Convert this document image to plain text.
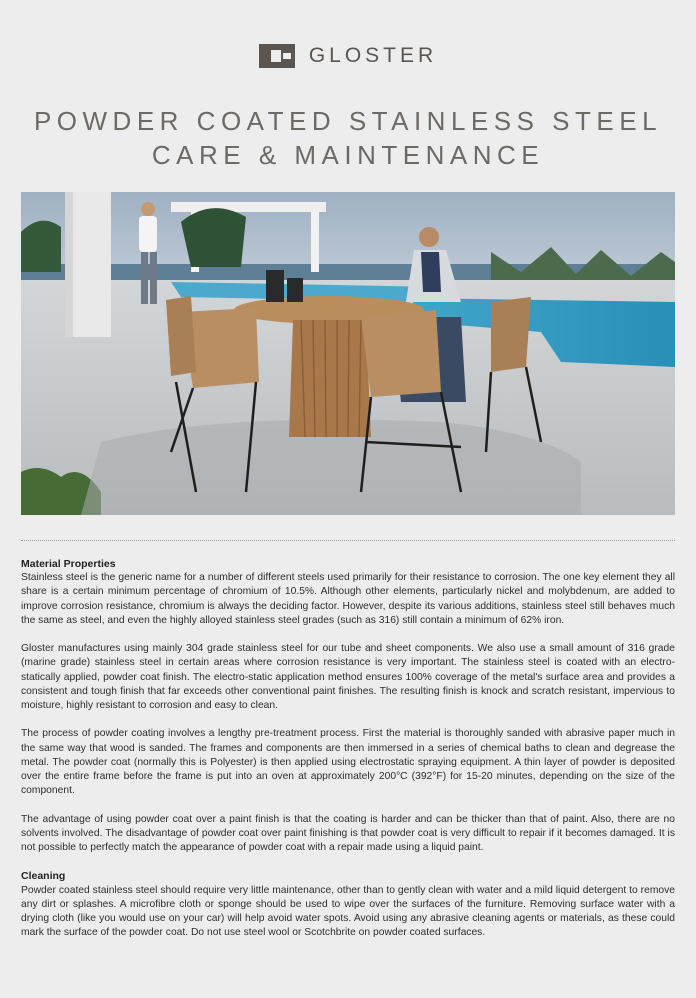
GLOSTER
POWDER COATED STAINLESS STEEL
CARE & MAINTENANCE
Material Properties

Stainless steel is the generic name for a number of different steels used primarily for their resistance to corrosion. The one key element they all share is a certain minimum percentage of chromium of 10.5%. Although other elements, particularly nickel and molybdenum, are added to improve corrosion resistance, chromium is always the deciding factor. However, despite its various additions, stainless steel still behaves much the same as steel, and even the highly alloyed stainless steel grades (such as 316) still contain a minimum of 62% iron.

Gloster manufactures using mainly 304 grade stainless steel for our tube and sheet components. We also use a small amount of 316 grade (marine grade) stainless steel in certain areas where corrosion resistance is very important. The stainless steel is coated with an electro-statically applied, powder coat finish. The electro-static application method ensures 100% coverage of the metal's surface area and provides a consistent and tough finish that far exceeds other conventional paint finishes. The resulting finish is knock and scratch resistant, impervious to moisture, highly resistant to corrosion and easy to clean.

The process of powder coating involves a lengthy pre-treatment process. First the material is thoroughly sanded with abrasive paper much in the same way that wood is sanded. The frames and components are then immersed in a series of chemical baths to clean and degrease the metal. The powder coat (normally this is Polyester) is then applied using electrostatic spraying equipment. A thin layer of powder is deposited over the entire frame before the frame is put into an oven at approximately 200°C (392°F) for 15-20 minutes, depending on the size of the component.

The advantage of using powder coat over a paint finish is that the coating is harder and can be thicker than that of paint. Also, there are no solvents involved. The disadvantage of powder coat over paint finishing is that powder coat is very difficult to repair if it becomes damaged. It is not possible to perfectly match the appearance of powder coat with a repair made using a liquid paint.

Cleaning

Powder coated stainless steel should require very little maintenance, other than to gently clean with water and a mild liquid detergent to remove any dirt or splashes. A microfibre cloth or sponge should be used to wipe over the surfaces of the furniture. Removing surface water with a drying cloth (like you would use on your car) will help avoid water spots. Avoid using any abrasive cleaning agents or materials, as these could mark the surface of the powder coat. Do not use steel wool or Scotchbrite on powder coated surfaces.
